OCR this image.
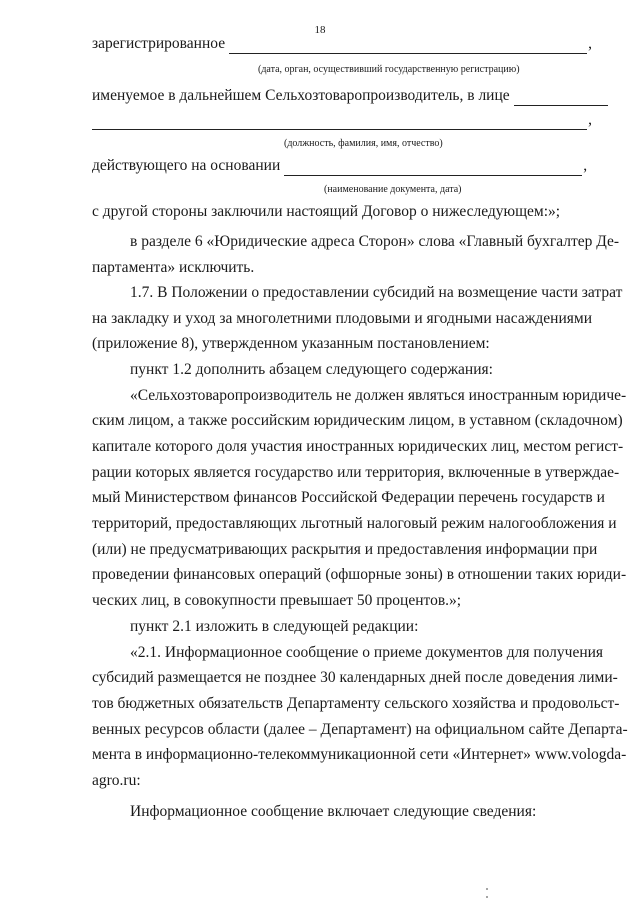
18
зарегистрированное	,
(дата, орган, осуществивший государственную регистрацию)
именуемое в дальнейшем Сельхозтоваропроизводитель, в лице
,
(должность, фамилия, имя, отчество)
действующего на основании	,
(наименование документа, дата)
с другой стороны заключили настоящий Договор о нижеследующем:»;
в разделе 6 «Юридические адреса Сторон» слова «Главный бухгалтер Де-
партамента» исключить.
1.7. В Положении о предоставлении субсидий на возмещение части затрат
на закладку и уход за многолетними плодовыми и ягодными насаждениями
(приложение 8), утвержденном указанным постановлением:
пункт 1.2 дополнить абзацем следующего содержания:
«Сельхозтоваропроизводитель не должен являться иностранным юридиче-
ским лицом, а также российским юридическим лицом, в уставном (складочном)
капитале которого доля участия иностранных юридических лиц, местом регист-
рации которых является государство или территория, включенные в утверждае-
мый Министерством финансов Российской Федерации перечень государств и
территорий, предоставляющих льготный налоговый режим налогообложения и
(или) не предусматривающих раскрытия и предоставления информации при
проведении финансовых операций (офшорные зоны) в отношении таких юриди-
ческих лиц, в совокупности превышает 50 процентов.»;
пункт 2.1 изложить в следующей редакции:
«2.1. Информационное сообщение о приеме документов для получения
субсидий размещается не позднее 30 календарных дней после доведения лими-
тов бюджетных обязательств Департаменту сельского хозяйства и продовольст-
венных ресурсов области (далее – Департамент) на официальном сайте Департа-
мента в информационно-телекоммуникационной сети «Интернет» www.vologda-
agro.ru:
Информационное сообщение включает следующие сведения:
